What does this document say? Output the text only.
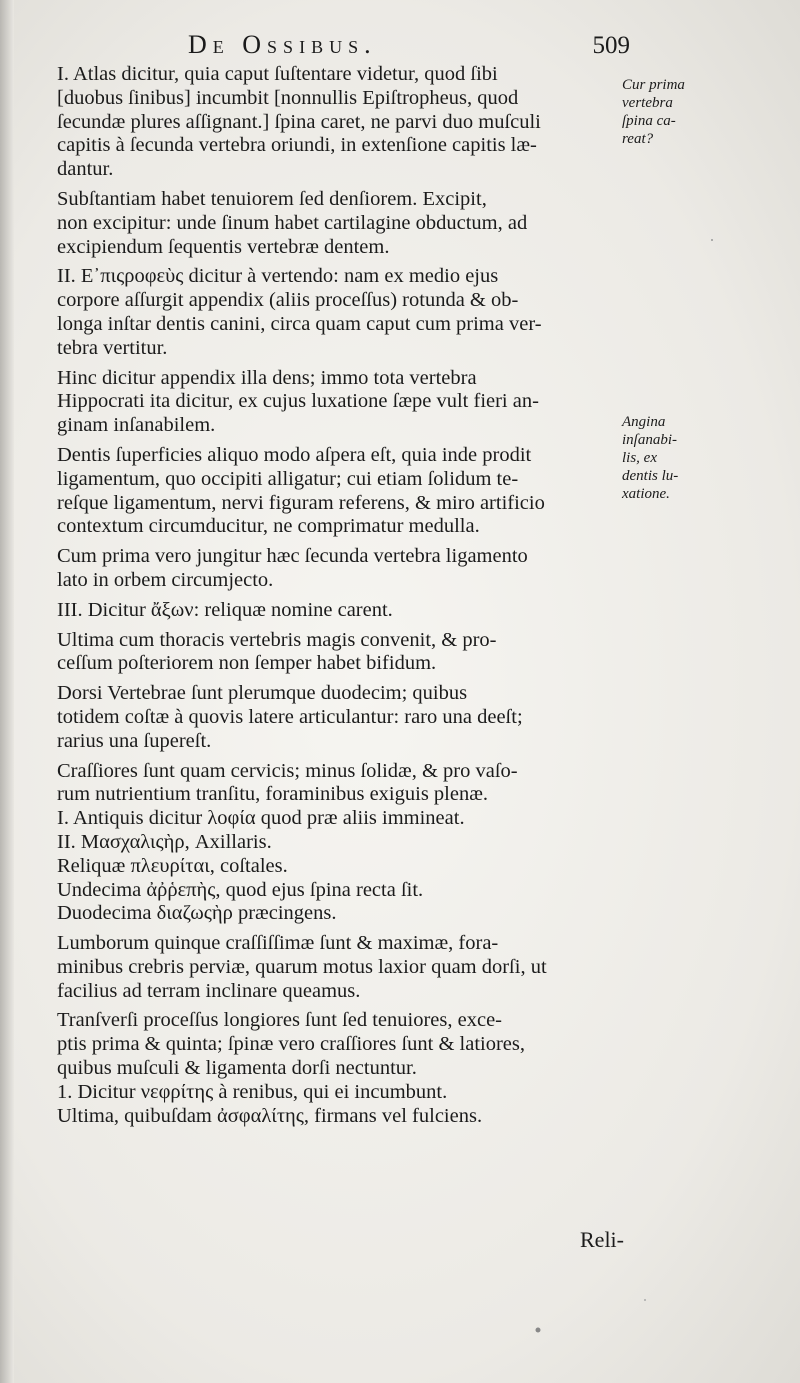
De Ossibus.	509
I. Atlas dicitur, quia caput ſuſtentare videtur, quod ſibi
[duobus ſinibus] incumbit [nonnullis Epiſtropheus, quod
ſecundæ plures aſſignant.] ſpina caret, ne parvi duo muſculi
capitis à ſecunda vertebra oriundi, in extenſione capitis læ-
dantur.
Subſtantiam habet tenuiorem ſed denſiorem. Excipit,
non excipitur: unde ſinum habet cartilagine obductum, ad
excipiendum ſequentis vertebræ dentem.
II. Ε᾽πιςροφεὺς dicitur à vertendo: nam ex medio ejus
corpore aſſurgit appendix (aliis proceſſus) rotunda & ob-
longa inſtar dentis canini, circa quam caput cum prima ver-
tebra vertitur.
Hinc dicitur appendix illa dens; immo tota vertebra
Hippocrati ita dicitur, ex cujus luxatione ſæpe vult fieri an-
ginam inſanabilem.
Dentis ſuperficies aliquo modo aſpera eſt, quia inde prodit
ligamentum, quo occipiti alligatur; cui etiam ſolidum te-
reſque ligamentum, nervi figuram referens, & miro artificio
contextum circumducitur, ne comprimatur medulla.
Cum prima vero jungitur hæc ſecunda vertebra ligamento
lato in orbem circumjecto.
III. Dicitur ἄξων: reliquæ nomine carent.
Ultima cum thoracis vertebris magis convenit, & pro-
ceſſum poſteriorem non ſemper habet bifidum.
Dorsi Vertebrae ſunt plerumque duodecim; quibus
totidem coſtæ à quovis latere articulantur: raro una deeſt;
rarius una ſupereſt.
Craſſiores ſunt quam cervicis; minus ſolidæ, & pro vaſo-
rum nutrientium tranſitu, foraminibus exiguis plenæ.
I. Antiquis dicitur λοφία quod præ aliis immineat.
II. Μασχαλιςὴρ, Axillaris.
Reliquæ πλευρίται, coſtales.
Undecima ἀῤῥεπὴς, quod ejus ſpina recta ſit.
Duodecima διαζωςὴρ præcingens.
Lumborum quinque craſſiſſimæ ſunt & maximæ, fora-
minibus crebris perviæ, quarum motus laxior quam dorſi, ut
facilius ad terram inclinare queamus.
Tranſverſi proceſſus longiores ſunt ſed tenuiores, exce-
ptis prima & quinta; ſpinæ vero craſſiores ſunt & latiores,
quibus muſculi & ligamenta dorſi nectuntur.
1. Dicitur νεφρίτης à renibus, qui ei incumbunt.
Ultima, quibuſdam ἀσφαλίτης, firmans vel fulciens.
Cur prima
vertebra
ſpina ca-
reat?
Angina
inſanabi-
lis, ex
dentis lu-
xatione.
Reli-
